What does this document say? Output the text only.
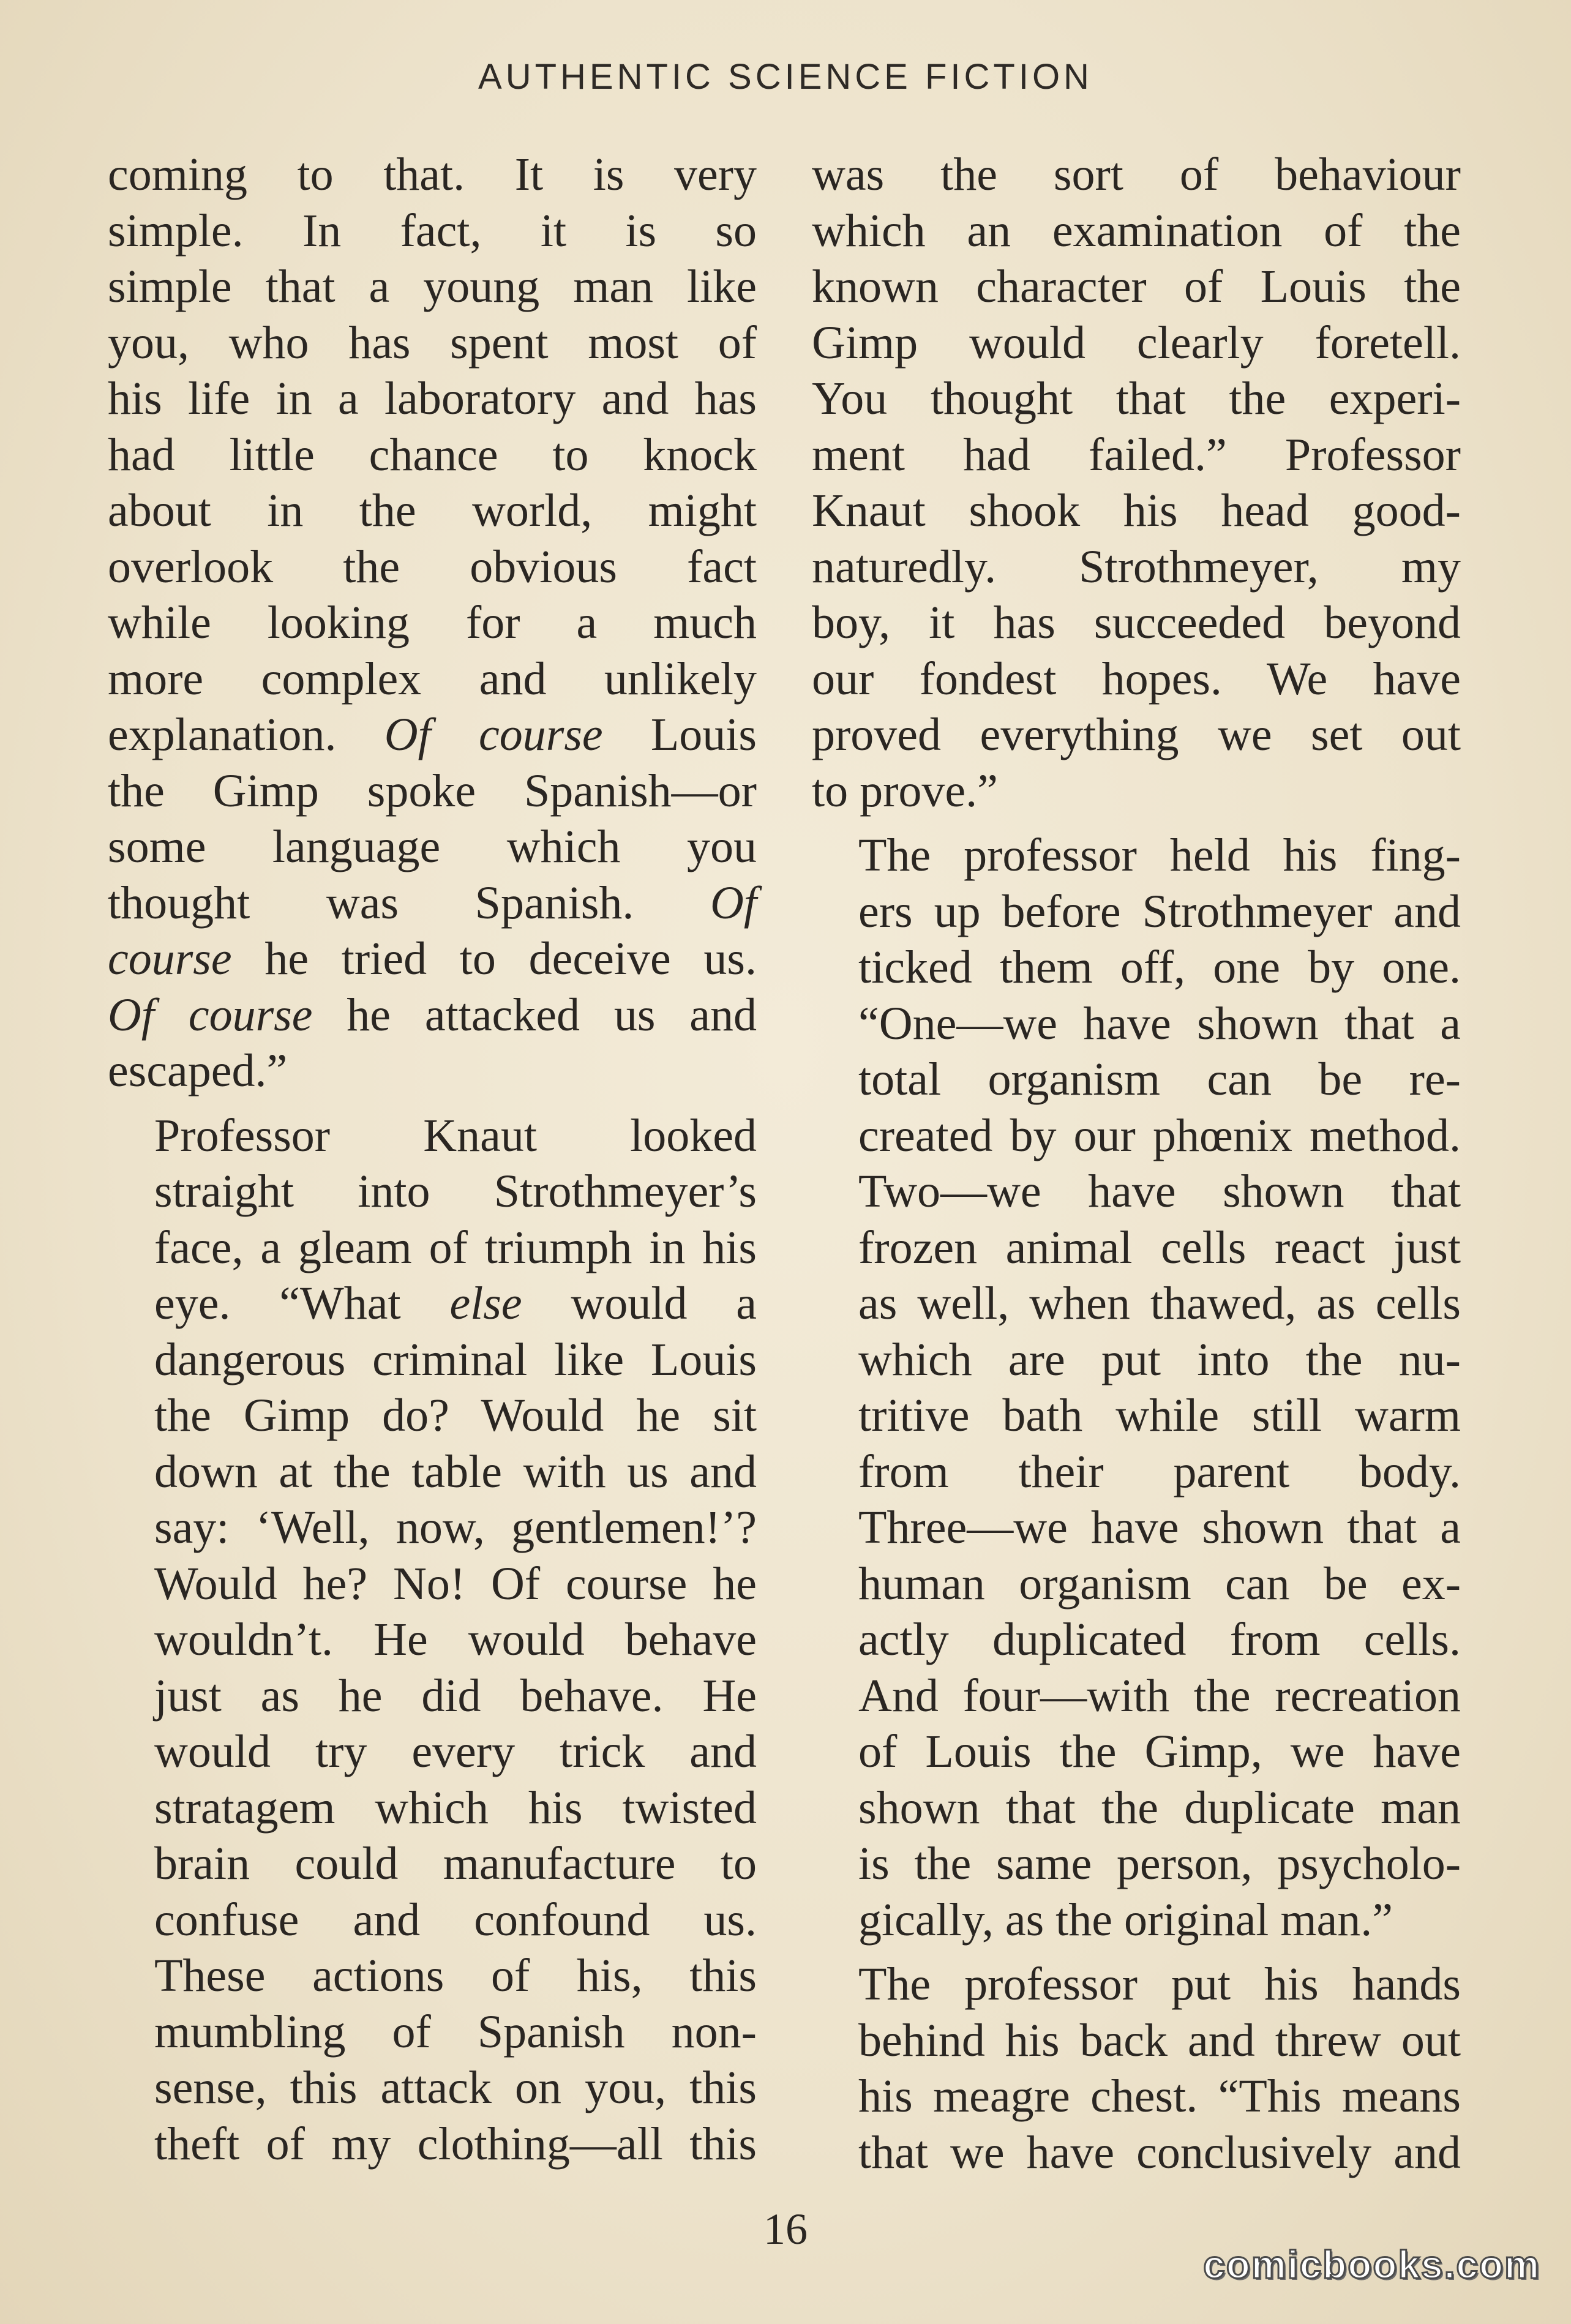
AUTHENTIC SCIENCE FICTION

coming to that. It is very
simple. In fact, it is so
simple that a young man like
you, who has spent most of
his life in a laboratory and has
had little chance to knock
about in the world, might
overlook the obvious fact
while looking for a much
more complex and unlikely
explanation. Of course Louis
the Gimp spoke Spanish—or
some language which you
thought was Spanish. Of
course he tried to deceive us.
Of course he attacked us and
escaped.”

Professor Knaut looked
straight into Strothmeyer’s
face, a gleam of triumph in his
eye. “What else would a
dangerous criminal like Louis
the Gimp do? Would he sit
down at the table with us and
say: ‘Well, now, gentlemen!’?
Would he? No! Of course he
wouldn’t. He would behave
just as he did behave. He
would try every trick and
stratagem which his twisted
brain could manufacture to
confuse and confound us.
These actions of his, this
mumbling of Spanish non-
sense, this attack on you, this
theft of my clothing—all this

was the sort of behaviour
which an examination of the
known character of Louis the
Gimp would clearly foretell.
You thought that the experi-
ment had failed.” Professor
Knaut shook his head good-
naturedly. Strothmeyer, my
boy, it has succeeded beyond
our fondest hopes. We have
proved everything we set out
to prove.”

The professor held his fing-
ers up before Strothmeyer and
ticked them off, one by one.
“One—we have shown that a
total organism can be re-
created by our phœnix method.
Two—we have shown that
frozen animal cells react just
as well, when thawed, as cells
which are put into the nu-
tritive bath while still warm
from their parent body.
Three—we have shown that a
human organism can be ex-
actly duplicated from cells.
And four—with the recreation
of Louis the Gimp, we have
shown that the duplicate man
is the same person, psycholo-
gically, as the original man.”

The professor put his hands
behind his back and threw out
his meagre chest. “This means
that we have conclusively and

16
comicbooks.com
